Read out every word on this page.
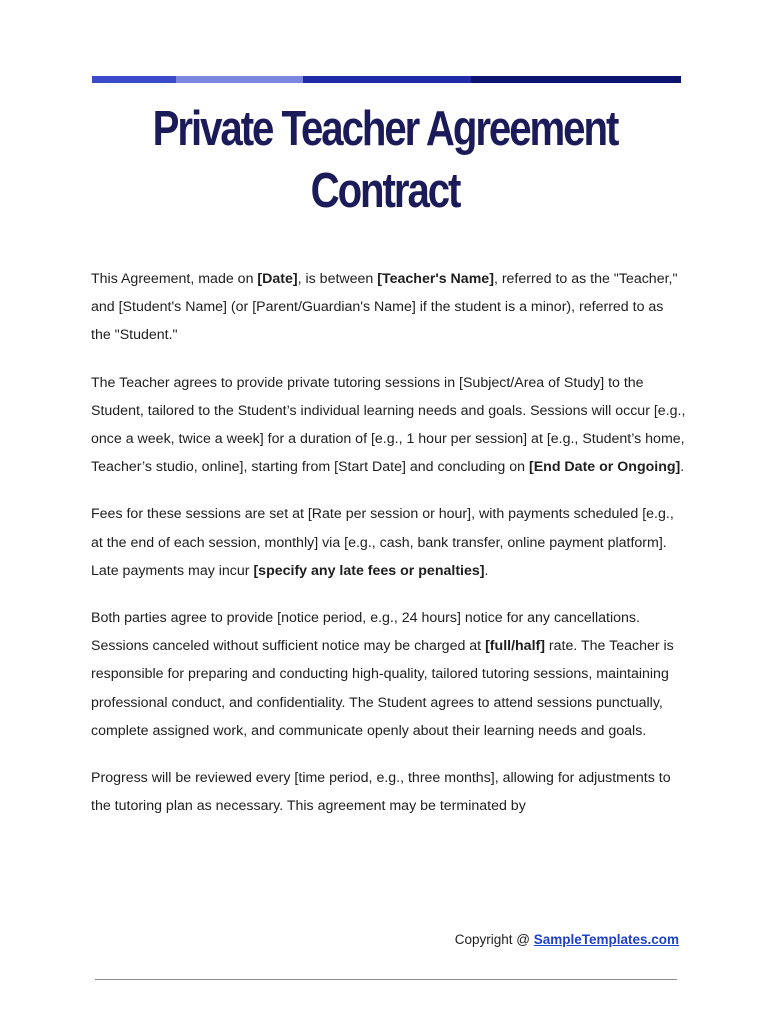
Private Teacher Agreement
Contract

This Agreement, made on [Date], is between [Teacher's Name], referred to as the "Teacher," and [Student's Name] (or [Parent/Guardian's Name] if the student is a minor), referred to as the "Student."

The Teacher agrees to provide private tutoring sessions in [Subject/Area of Study] to the Student, tailored to the Student’s individual learning needs and goals. Sessions will occur [e.g., once a week, twice a week] for a duration of [e.g., 1 hour per session] at [e.g., Student’s home, Teacher’s studio, online], starting from [Start Date] and concluding on [End Date or Ongoing].

Fees for these sessions are set at [Rate per session or hour], with payments scheduled [e.g., at the end of each session, monthly] via [e.g., cash, bank transfer, online payment platform]. Late payments may incur [specify any late fees or penalties].

Both parties agree to provide [notice period, e.g., 24 hours] notice for any cancellations. Sessions canceled without sufficient notice may be charged at [full/half] rate. The Teacher is responsible for preparing and conducting high-quality, tailored tutoring sessions, maintaining professional conduct, and confidentiality. The Student agrees to attend sessions punctually, complete assigned work, and communicate openly about their learning needs and goals.

Progress will be reviewed every [time period, e.g., three months], allowing for adjustments to the tutoring plan as necessary. This agreement may be terminated by

Copyright @ SampleTemplates.com
